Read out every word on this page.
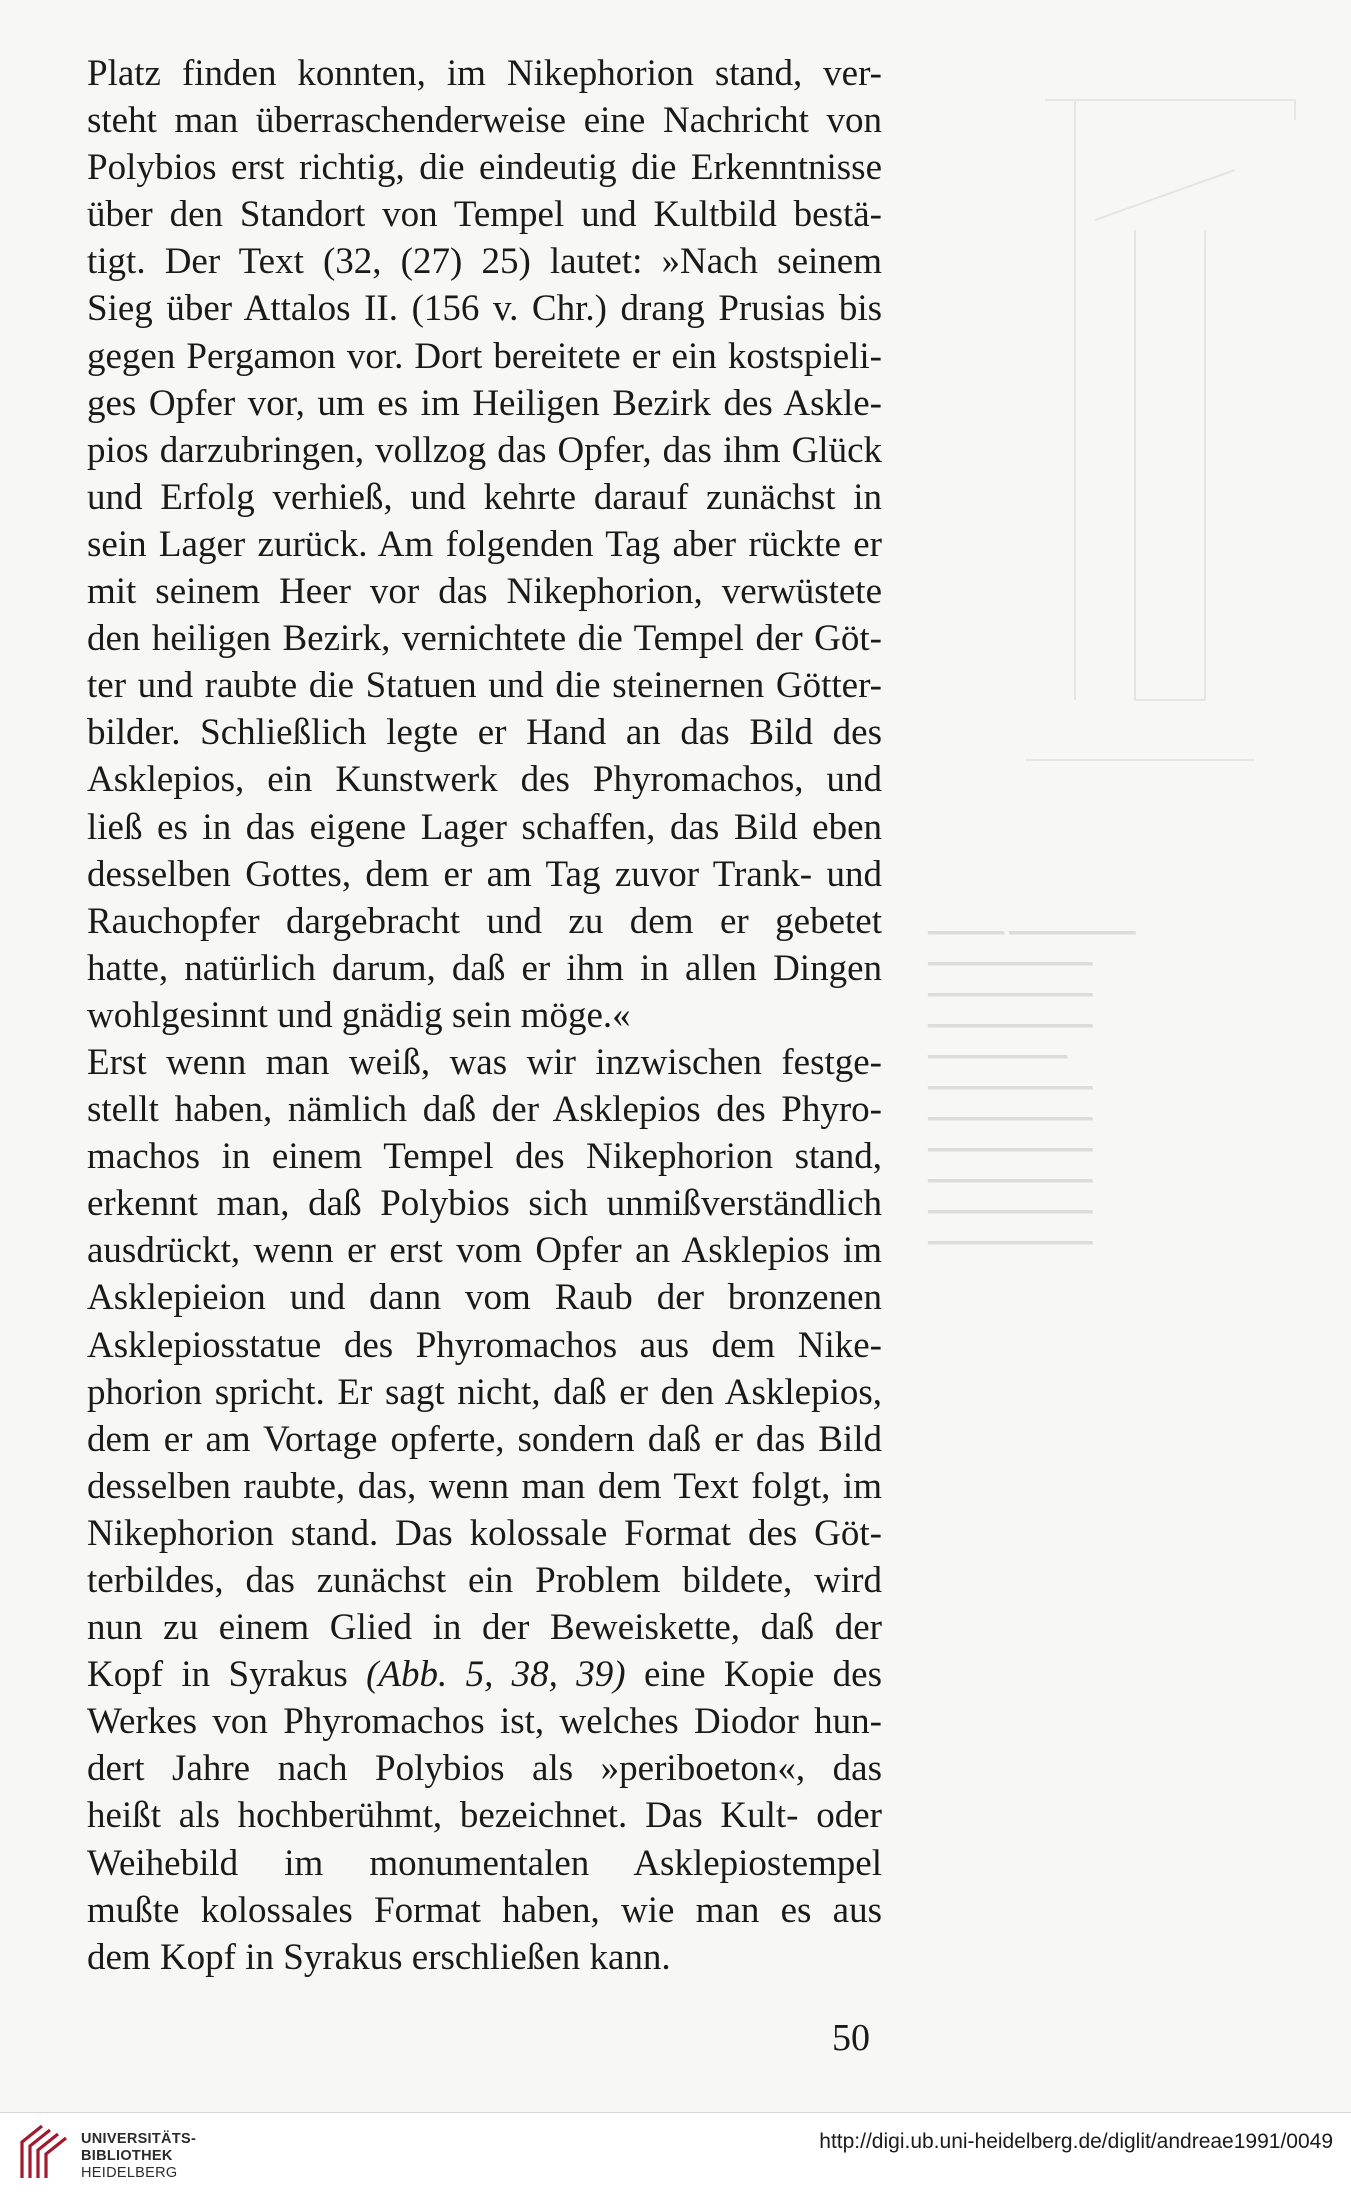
━━━━━━━━━━ ━━━━━━
━━━━━━━━━━━━━
━━━━━━━━━━━━━
━━━━━━━━━━━━━
━━━━━━━━━━━
━━━━━━━━━━━━━
━━━━━━━━━━━━━
━━━━━━━━━━━━━
━━━━━━━━━━━━━
━━━━━━━━━━━━━
━━━━━━━━━━━━━
Platz finden konnten, im Nikephorion stand, ver-
steht man überraschenderweise eine Nachricht von
Polybios erst richtig, die eindeutig die Erkenntnisse
über den Standort von Tempel und Kultbild bestä-
tigt. Der Text (32, (27) 25) lautet: »Nach seinem
Sieg über Attalos II. (156 v. Chr.) drang Prusias bis
gegen Pergamon vor. Dort bereitete er ein kostspieli-
ges Opfer vor, um es im Heiligen Bezirk des Askle-
pios darzubringen, vollzog das Opfer, das ihm Glück
und Erfolg verhieß, und kehrte darauf zunächst in
sein Lager zurück. Am folgenden Tag aber rückte er
mit seinem Heer vor das Nikephorion, verwüstete
den heiligen Bezirk, vernichtete die Tempel der Göt-
ter und raubte die Statuen und die steinernen Götter-
bilder. Schließlich legte er Hand an das Bild des
Asklepios, ein Kunstwerk des Phyromachos, und
ließ es in das eigene Lager schaffen, das Bild eben
desselben Gottes, dem er am Tag zuvor Trank- und
Rauchopfer dargebracht und zu dem er gebetet
hatte, natürlich darum, daß er ihm in allen Dingen
wohlgesinnt und gnädig sein möge.«
Erst wenn man weiß, was wir inzwischen festge-
stellt haben, nämlich daß der Asklepios des Phyro-
machos in einem Tempel des Nikephorion stand,
erkennt man, daß Polybios sich unmißverständlich
ausdrückt, wenn er erst vom Opfer an Asklepios im
Asklepieion und dann vom Raub der bronzenen
Asklepiosstatue des Phyromachos aus dem Nike-
phorion spricht. Er sagt nicht, daß er den Asklepios,
dem er am Vortage opferte, sondern daß er das Bild
desselben raubte, das, wenn man dem Text folgt, im
Nikephorion stand. Das kolossale Format des Göt-
terbildes, das zunächst ein Problem bildete, wird
nun zu einem Glied in der Beweiskette, daß der
Kopf in Syrakus (Abb. 5, 38, 39) eine Kopie des
Werkes von Phyromachos ist, welches Diodor hun-
dert Jahre nach Polybios als »periboeton«, das
heißt als hochberühmt, bezeichnet. Das Kult- oder
Weihebild im monumentalen Asklepiostempel
mußte kolossales Format haben, wie man es aus
dem Kopf in Syrakus erschließen kann.
50
UNIVERSITÄTS-
BIBLIOTHEK
HEIDELBERG
http://digi.ub.uni-heidelberg.de/diglit/andreae1991/0049
